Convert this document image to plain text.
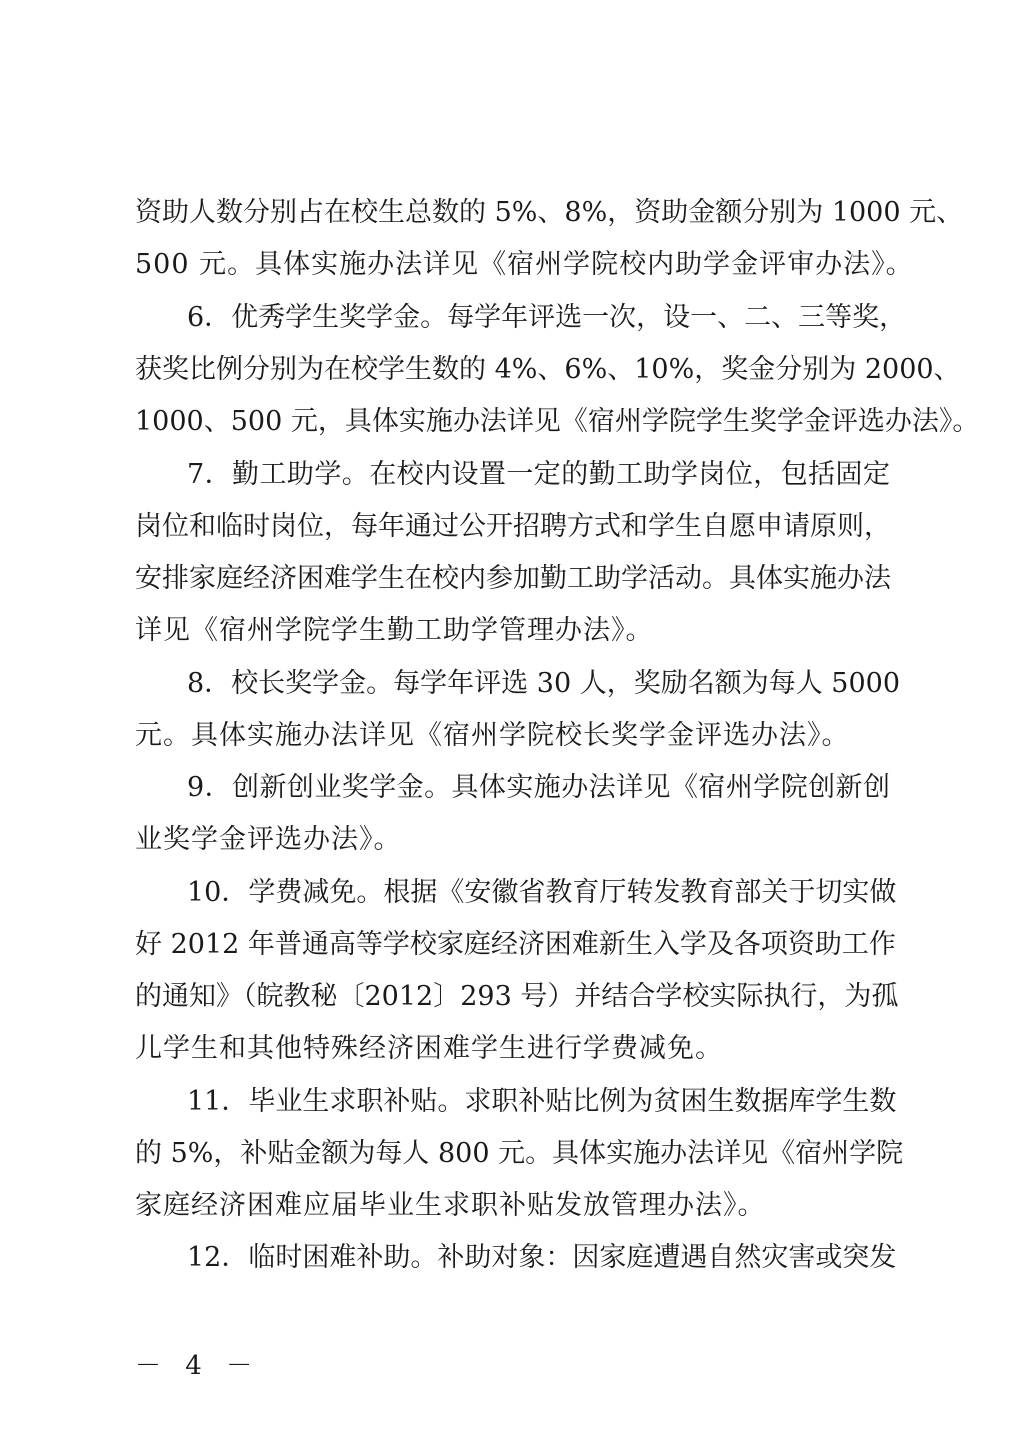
资助人数分别占在校生总数的 5%、8%，资助金额分别为 1000 元、
500 元。具体实施办法详见《宿州学院校内助学金评审办法》。
6．优秀学生奖学金。每学年评选一次，设一、二、三等奖，
获奖比例分别为在校学生数的 4%、6%、10%，奖金分别为 2000、
1000、500 元，具体实施办法详见《宿州学院学生奖学金评选办法》。
7．勤工助学。在校内设置一定的勤工助学岗位，包括固定
岗位和临时岗位，每年通过公开招聘方式和学生自愿申请原则，
安排家庭经济困难学生在校内参加勤工助学活动。具体实施办法
详见《宿州学院学生勤工助学管理办法》。
8．校长奖学金。每学年评选 30 人，奖励名额为每人 5000
元。具体实施办法详见《宿州学院校长奖学金评选办法》。
9．创新创业奖学金。具体实施办法详见《宿州学院创新创
业奖学金评选办法》。
10．学费减免。根据《安徽省教育厅转发教育部关于切实做
好 2012 年普通高等学校家庭经济困难新生入学及各项资助工作
的通知》（皖教秘〔2012〕293 号）并结合学校实际执行，为孤
儿学生和其他特殊经济困难学生进行学费减免。
11．毕业生求职补贴。求职补贴比例为贫困生数据库学生数
的 5%，补贴金额为每人 800 元。具体实施办法详见《宿州学院
家庭经济困难应届毕业生求职补贴发放管理办法》。
12．临时困难补助。补助对象：因家庭遭遇自然灾害或突发
－ 4 －
